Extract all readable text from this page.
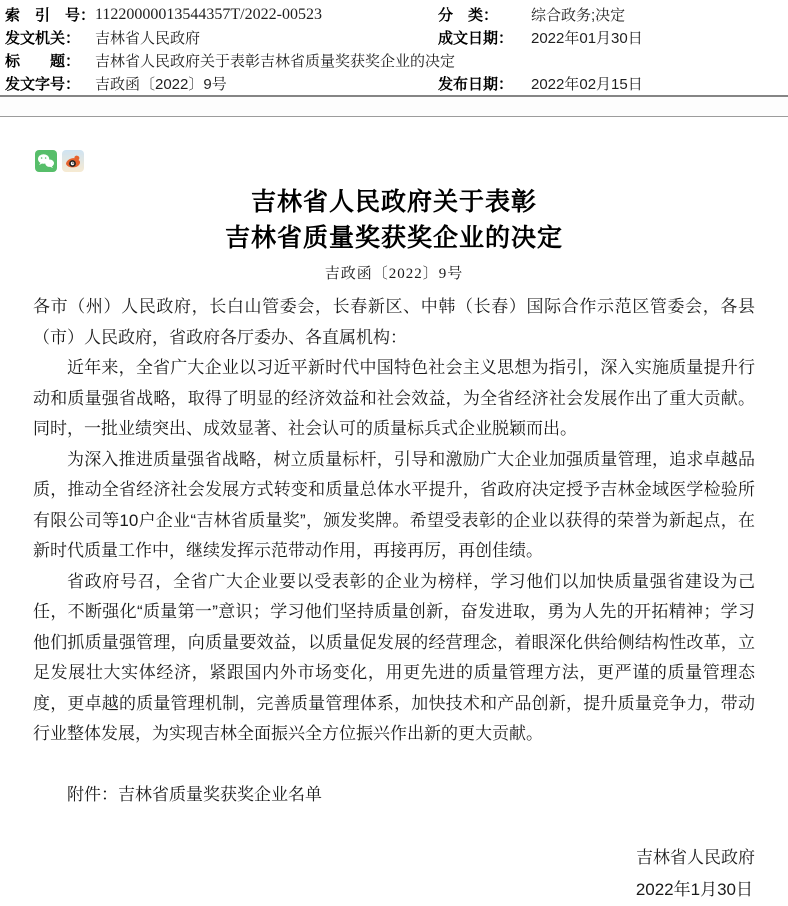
索　引　号： 11220000013544357T/2022-00523	分　类：	综合政务;决定
发文机关： 吉林省人民政府	成文日期：	2022年01月30日
标　　题： 吉林省人民政府关于表彰吉林省质量奖获奖企业的决定
发文字号： 吉政函〔2022〕9号	发布日期：	2022年02月15日
吉林省人民政府关于表彰
吉林省质量奖获奖企业的决定
吉政函〔2022〕9号

各市（州）人民政府，长白山管委会，长春新区、中韩（长春）国际合作示范区管委会，各县（市）人民政府，省政府各厅委办、各直属机构：

近年来，全省广大企业以习近平新时代中国特色社会主义思想为指引，深入实施质量提升行动和质量强省战略，取得了明显的经济效益和社会效益，为全省经济社会发展作出了重大贡献。同时，一批业绩突出、成效显著、社会认可的质量标兵式企业脱颖而出。

为深入推进质量强省战略，树立质量标杆，引导和激励广大企业加强质量管理，追求卓越品质，推动全省经济社会发展方式转变和质量总体水平提升，省政府决定授予吉林金域医学检验所有限公司等10户企业“吉林省质量奖”，颁发奖牌。希望受表彰的企业以获得的荣誉为新起点，在新时代质量工作中，继续发挥示范带动作用，再接再厉，再创佳绩。

省政府号召，全省广大企业要以受表彰的企业为榜样，学习他们以加快质量强省建设为己任，不断强化“质量第一”意识；学习他们坚持质量创新，奋发进取，勇为人先的开拓精神；学习他们抓质量强管理，向质量要效益，以质量促发展的经营理念，着眼深化供给侧结构性改革，立足发展壮大实体经济，紧跟国内外市场变化，用更先进的质量管理方法，更严谨的质量管理态度，更卓越的质量管理机制，完善质量管理体系，加快技术和产品创新，提升质量竞争力，带动行业整体发展，为实现吉林全面振兴全方位振兴作出新的更大贡献。

附件：吉林省质量奖获奖企业名单
吉林省人民政府
2022年1月30日
